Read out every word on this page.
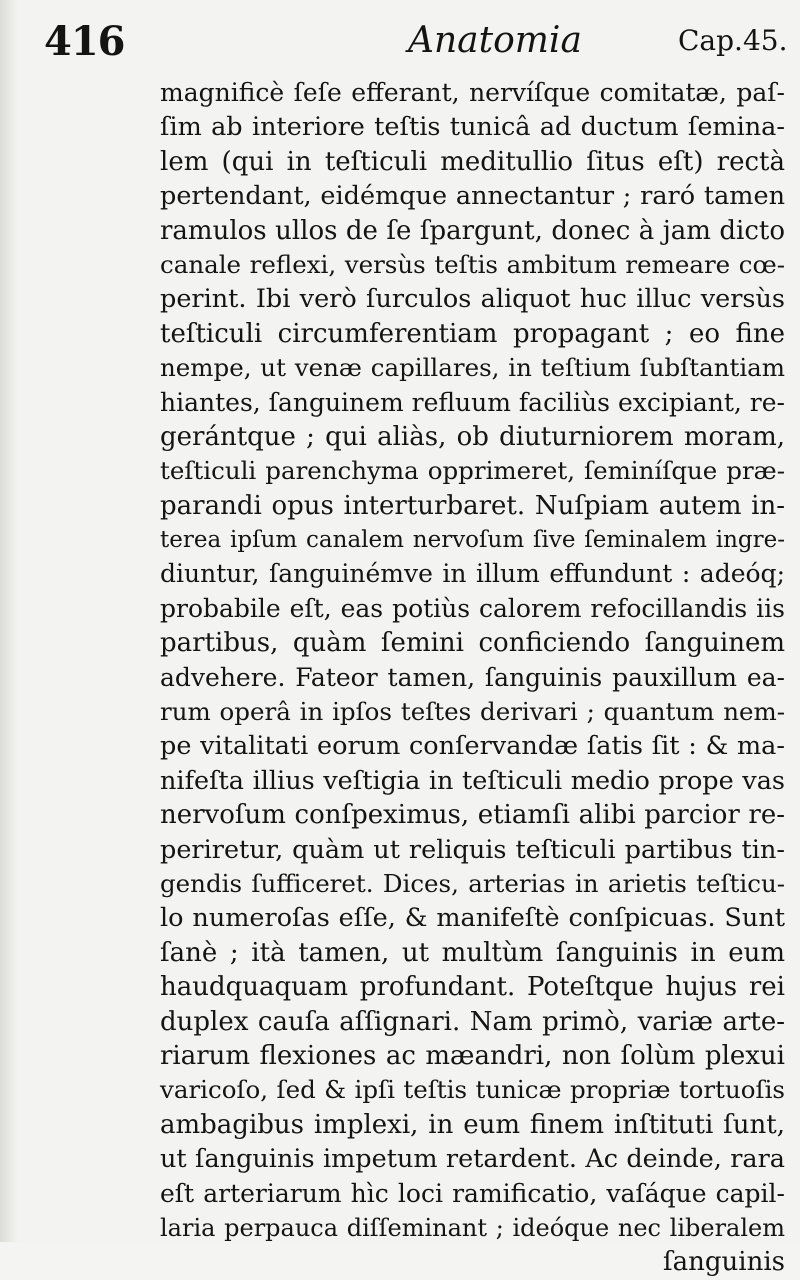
416	Anatomia	Cap.45.
magnificè ſeſe efferant, nervíſque comitatæ, paſ-
ſim ab interiore teſtis tunicâ ad ductum ſemina-
lem (qui in teſticuli meditullio ſitus eſt) rectà
pertendant, eidémque annectantur ; raró tamen
ramulos ullos de ſe ſpargunt, donec à jam dicto
canale reflexi, versùs teſtis ambitum remeare cœ-
perint. Ibi verò ſurculos aliquot huc illuc versùs
teſticuli circumferentiam propagant ; eo fine
nempe, ut venæ capillares, in teſtium ſubſtantiam
hiantes, ſanguinem refluum faciliùs excipiant, re-
gerántque ; qui aliàs, ob diuturniorem moram,
teſticuli parenchyma opprimeret, ſeminíſque præ-
parandi opus interturbaret. Nuſpiam autem in-
terea ipſum canalem nervoſum ſive ſeminalem ingre-
diuntur, ſanguinémve in illum effundunt : adeóq;
probabile eſt, eas potiùs calorem refocillandis iis
partibus, quàm ſemini conficiendo ſanguinem
advehere. Fateor tamen, ſanguinis pauxillum ea-
rum operâ in ipſos teſtes derivari ; quantum nem-
pe vitalitati eorum conſervandæ ſatis ſit : & ma-
nifeſta illius veſtigia in teſticuli medio prope vas
nervoſum conſpeximus, etiamſi alibi parcior re-
periretur, quàm ut reliquis teſticuli partibus tin-
gendis ſufficeret. Dices, arterias in arietis teſticu-
lo numeroſas eſſe, & manifeſtè conſpicuas. Sunt
ſanè ; ità tamen, ut multùm ſanguinis in eum
haudquaquam profundant. Poteſtque hujus rei
duplex cauſa aſſignari. Nam primò, variæ arte-
riarum flexiones ac mæandri, non ſolùm plexui
varicoſo, ſed & ipſi teſtis tunicæ propriæ tortuoſis
ambagibus implexi, in eum finem inſtituti ſunt,
ut ſanguinis impetum retardent. Ac deinde, rara
eſt arteriarum hìc loci ramificatio, vaſáque capil-
laria perpauca diſſeminant ; ideóque nec liberalem
ſanguinis
